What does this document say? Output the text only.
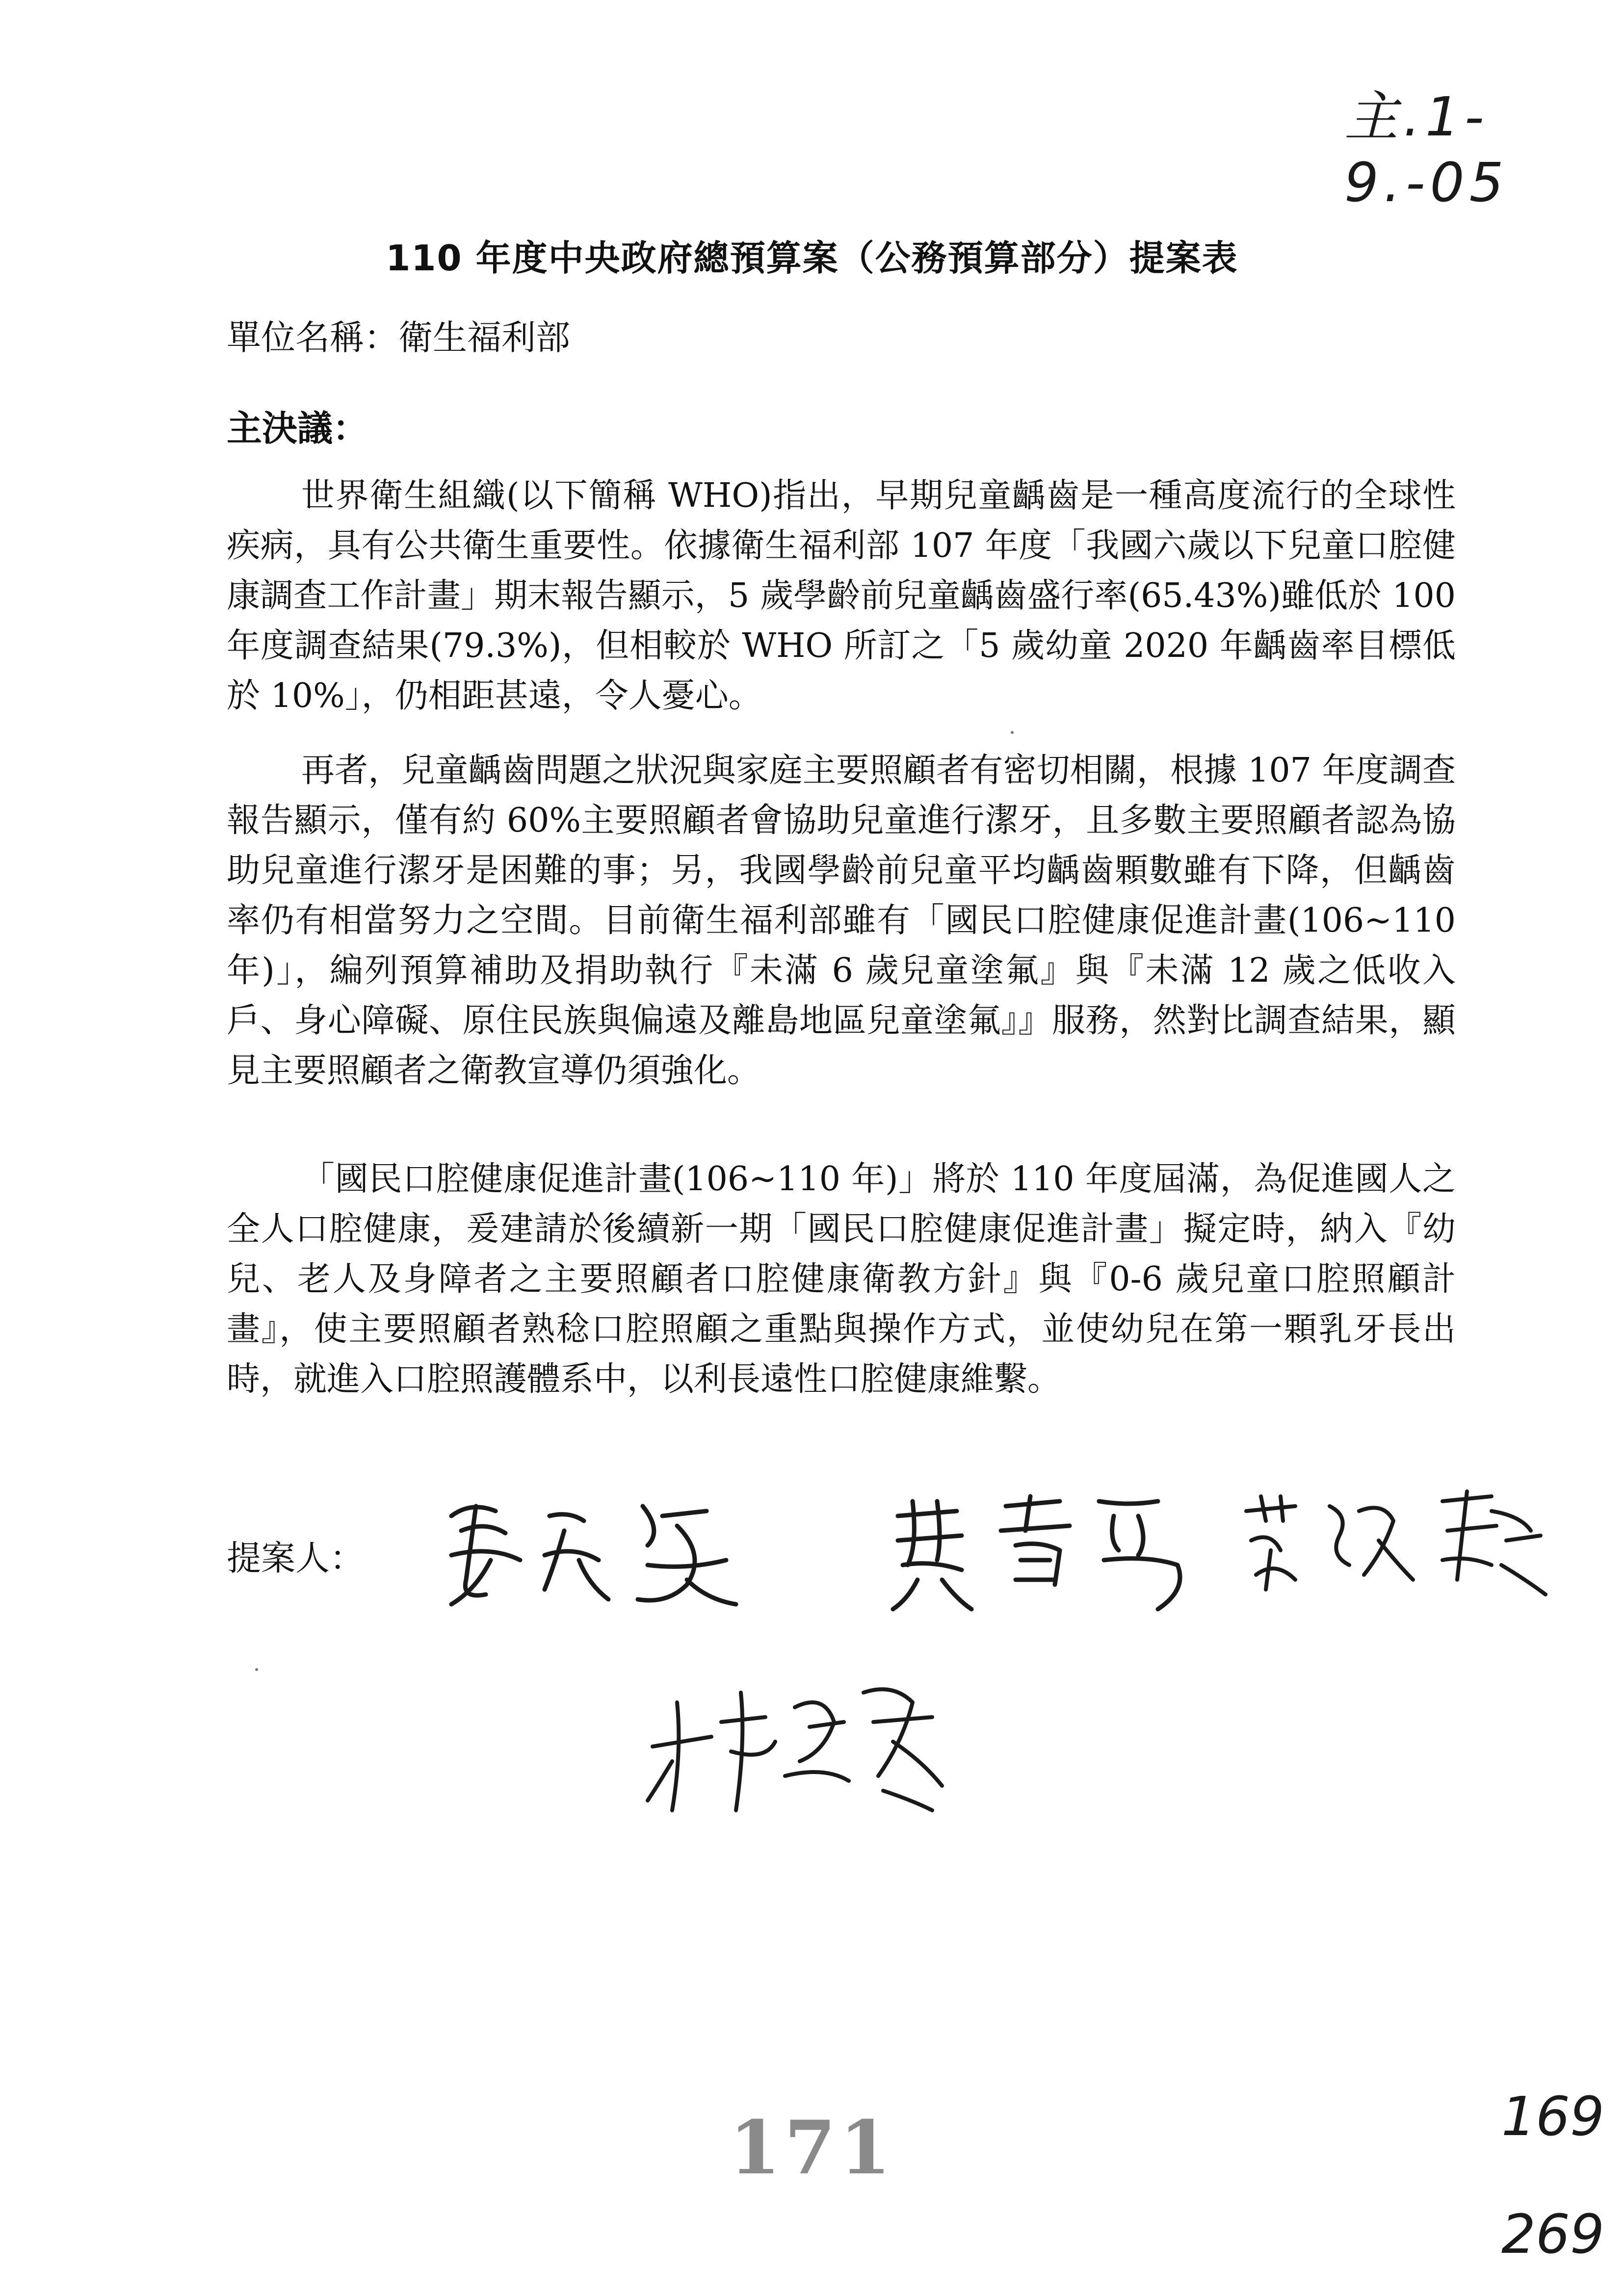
主.1-9.-05
110 年度中央政府總預算案（公務預算部分）提案表
單位名稱：衛生福利部
主決議：

世界衛生組織(以下簡稱 WHO)指出，早期兒童齲齒是一種高度流行的全球性疾病，具有公共衛生重要性。依據衛生福利部 107 年度「我國六歲以下兒童口腔健康調查工作計畫」期末報告顯示，5 歲學齡前兒童齲齒盛行率(65.43%)雖低於 100 年度調查結果(79.3%)，但相較於 WHO 所訂之「5 歲幼童 2020 年齲齒率目標低於 10%」，仍相距甚遠，令人憂心。

再者，兒童齲齒問題之狀況與家庭主要照顧者有密切相關，根據 107 年度調查報告顯示，僅有約 60%主要照顧者會協助兒童進行潔牙，且多數主要照顧者認為協助兒童進行潔牙是困難的事；另，我國學齡前兒童平均齲齒顆數雖有下降，但齲齒率仍有相當努力之空間。目前衛生福利部雖有「國民口腔健康促進計畫(106~110 年)」，編列預算補助及捐助執行『未滿 6 歲兒童塗氟』與『未滿 12 歲之低收入戶、身心障礙、原住民族與偏遠及離島地區兒童塗氟』』服務，然對比調查結果，顯見主要照顧者之衛教宣導仍須強化。

「國民口腔健康促進計畫(106~110 年)」將於 110 年度屆滿，為促進國人之全人口腔健康，爰建請於後續新一期「國民口腔健康促進計畫」擬定時，納入『幼兒、老人及身障者之主要照顧者口腔健康衛教方針』與『0-6 歲兒童口腔照顧計畫』，使主要照顧者熟稔口腔照顧之重點與操作方式，並使幼兒在第一顆乳牙長出時，就進入口腔照護體系中，以利長遠性口腔健康維繫。

提案人：
171	169
269
